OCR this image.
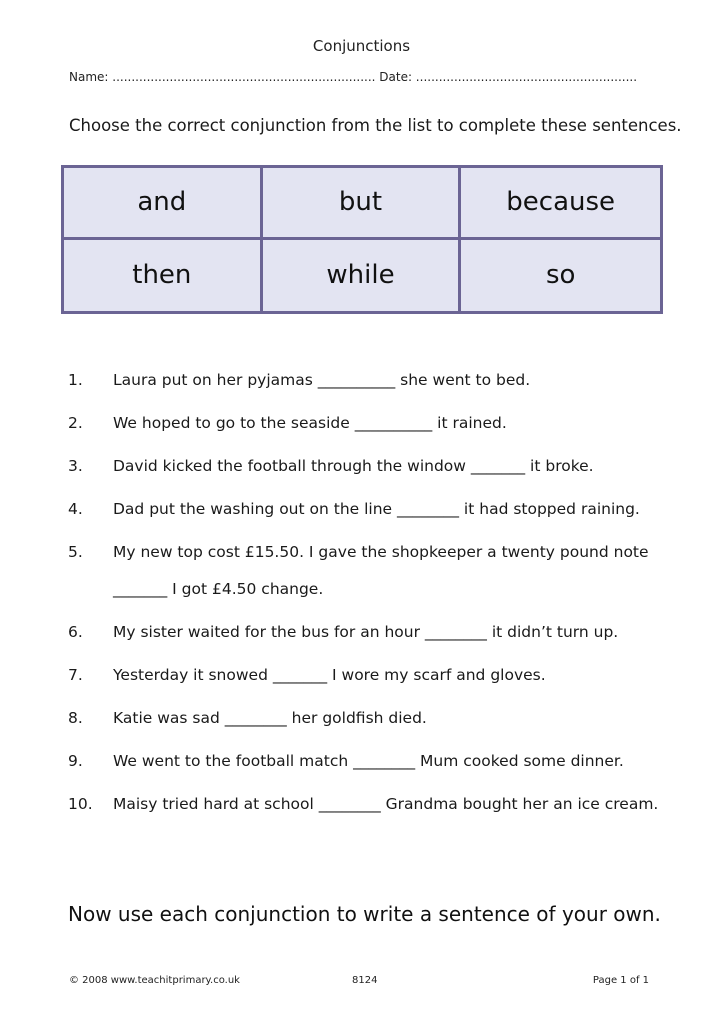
Conjunctions
Name: ..................................................................... Date: ..........................................................
Choose the correct conjunction from the list to complete these sentences.
and	but	because
then	while	so
1.	Laura put on her pyjamas __________ she went to bed.
2.	We hoped to go to the seaside __________ it rained.
3.	David kicked the football through the window _______ it broke.
4.	Dad put the washing out on the line ________ it had stopped raining.
5.	My new top cost £15.50. I gave the shopkeeper a twenty pound note _______ I got £4.50 change.
6.	My sister waited for the bus for an hour ________ it didn’t turn up.
7.	Yesterday it snowed _______ I wore my scarf and gloves.
8.	Katie was sad ________ her goldfish died.
9.	We went to the football match ________ Mum cooked some dinner.
10.	Maisy tried hard at school ________ Grandma bought her an ice cream.
Now use each conjunction to write a sentence of your own.
© 2008 www.teachitprimary.co.uk	8124	Page 1 of 1
